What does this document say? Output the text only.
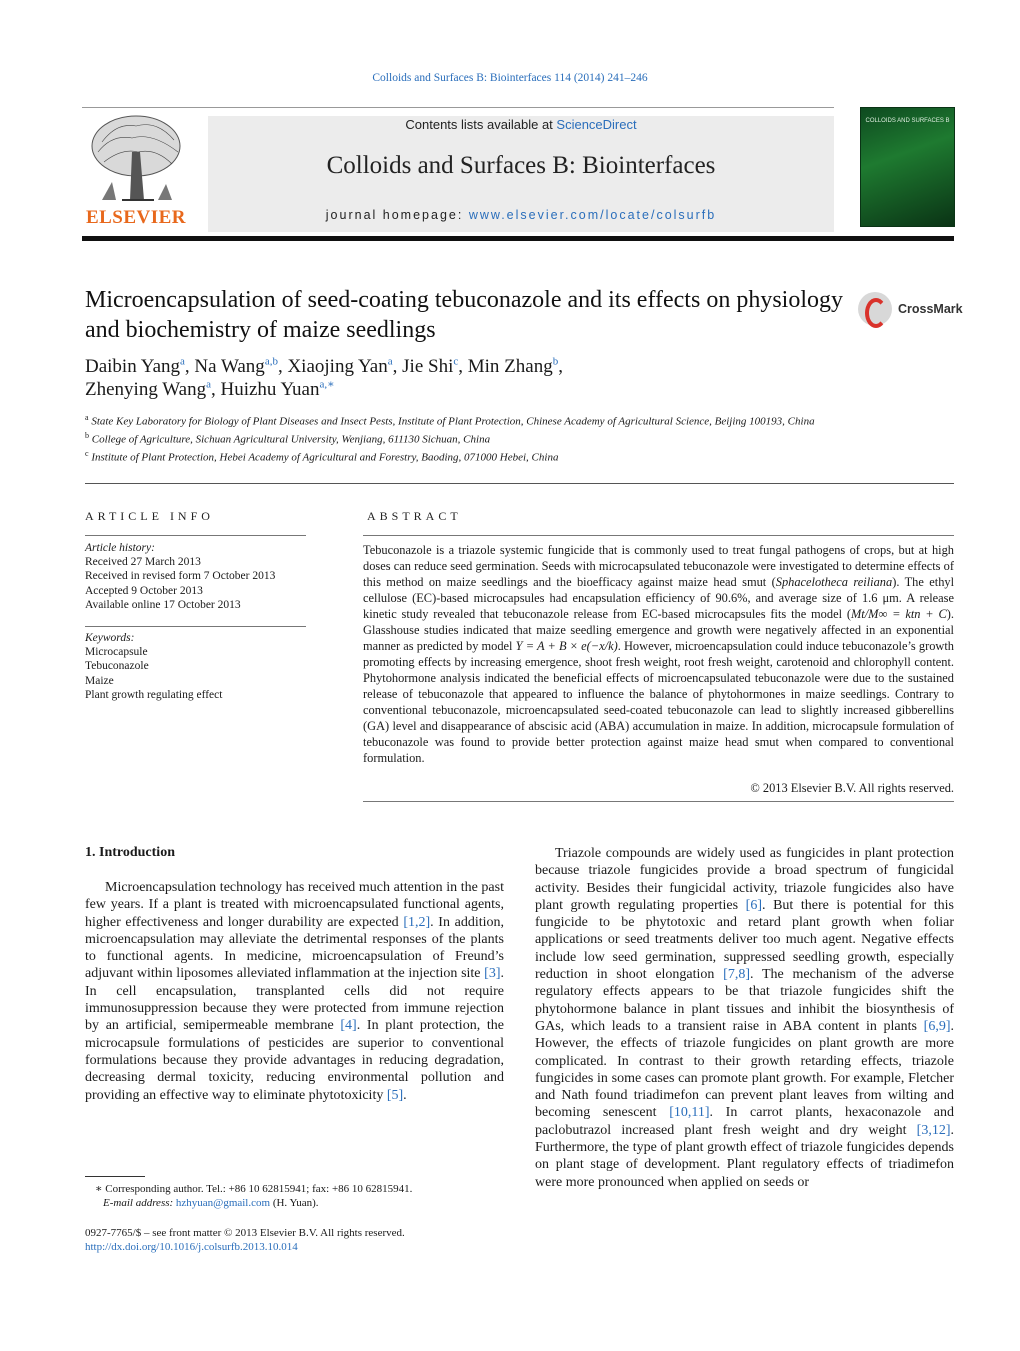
Colloids and Surfaces B: Biointerfaces 114 (2014) 241–246
ELSEVIER
Contents lists available at ScienceDirect
Colloids and Surfaces B: Biointerfaces
journal homepage: www.elsevier.com/locate/colsurfb
COLLOIDS AND SURFACES B
Microencapsulation of seed-coating tebuconazole and its effects on physiology and biochemistry of maize seedlings
CrossMark
Daibin Yang$^a$, Na Wang$^{a,b}$, Xiaojing Yan$^a$, Jie Shi$^c$, Min Zhang$^b$,
Zhenying Wang$^a$, Huizhu Yuan$^{a,∗}$
$^a$ State Key Laboratory for Biology of Plant Diseases and Insect Pests, Institute of Plant Protection, Chinese Academy of Agricultural Science, Beijing 100193, China
$^b$ College of Agriculture, Sichuan Agricultural University, Wenjiang, 611130 Sichuan, China
$^c$ Institute of Plant Protection, Hebei Academy of Agricultural and Forestry, Baoding, 071000 Hebei, China
ARTICLE INFO
Article history:
Received 27 March 2013
Received in revised form 7 October 2013
Accepted 9 October 2013
Available online 17 October 2013
Keywords:
Microcapsule
Tebuconazole
Maize
Plant growth regulating effect
ABSTRACT
Tebuconazole is a triazole systemic fungicide that is commonly used to treat fungal pathogens of crops, but at high doses can reduce seed germination. Seeds with microcapsulated tebuconazole were investigated to determine effects of this method on maize seedlings and the bioefficacy against maize head smut (Sphacelotheca reiliana). The ethyl cellulose (EC)-based microcapsules had encapsulation efficiency of 90.6%, and average size of 1.6 μm. A release kinetic study revealed that tebuconazole release from EC-based microcapsules fits the model (Mt/M∞ = ktn + C). Glasshouse studies indicated that maize seedling emergence and growth were negatively affected in an exponential manner as predicted by model Y = A + B × e(−x/k). However, microencapsulation could induce tebuconazole’s growth promoting effects by increasing emergence, shoot fresh weight, root fresh weight, carotenoid and chlorophyll content. Phytohormone analysis indicated the beneficial effects of microencapsulated tebuconazole were due to the sustained release of tebuconazole that appeared to influence the balance of phytohormones in maize seedlings. Contrary to conventional tebuconazole, microencapsulated seed-coated tebuconazole can lead to slightly increased gibberellins (GA) level and disappearance of abscisic acid (ABA) accumulation in maize. In addition, microcapsule formulation of tebuconazole was found to provide better protection against maize head smut when compared to conventional formulation.
© 2013 Elsevier B.V. All rights reserved.
1. Introduction
Microencapsulation technology has received much attention in the past few years. If a plant is treated with microencapsulated functional agents, higher effectiveness and longer durability are expected [1,2]. In addition, microencapsulation may alleviate the detrimental responses of the plants to functional agents. In medicine, microencapsulation of Freund’s adjuvant within liposomes alleviated inflammation at the injection site [3]. In cell encapsulation, transplanted cells did not require immunosuppression because they were protected from immune rejection by an artificial, semipermeable membrane [4]. In plant protection, the microcapsule formulations of pesticides are superior to conventional formulations because they provide advantages in reducing degradation, decreasing dermal toxicity, reducing environmental pollution and providing an effective way to eliminate phytotoxicity [5].
Triazole compounds are widely used as fungicides in plant protection because triazole fungicides provide a broad spectrum of fungicidal activity. Besides their fungicidal activity, triazole fungicides also have plant growth regulating properties [6]. But there is potential for this fungicide to be phytotoxic and retard plant growth when foliar applications or seed treatments deliver too much agent. Negative effects include low seed germination, suppressed seedling growth, especially reduction in shoot elongation [7,8]. The mechanism of the adverse regulatory effects appears to be that triazole fungicides shift the phytohormone balance in plant tissues and inhibit the biosynthesis of GAs, which leads to a transient raise in ABA content in plants [6,9]. However, the effects of triazole fungicides on plant growth are more complicated. In contrast to their growth retarding effects, triazole fungicides in some cases can promote plant growth. For example, Fletcher and Nath found triadimefon can prevent plant leaves from wilting and becoming senescent [10,11]. In carrot plants, hexaconazole and paclobutrazol increased plant fresh weight and dry weight [3,12]. Furthermore, the type of plant growth effect of triazole fungicides depends on plant stage of development. Plant regulatory effects of triadimefon were more pronounced when applied on seeds or
∗ Corresponding author. Tel.: +86 10 62815941; fax: +86 10 62815941.
E-mail address: hzhyuan@gmail.com (H. Yuan).
0927-7765/$ – see front matter © 2013 Elsevier B.V. All rights reserved.
http://dx.doi.org/10.1016/j.colsurfb.2013.10.014
